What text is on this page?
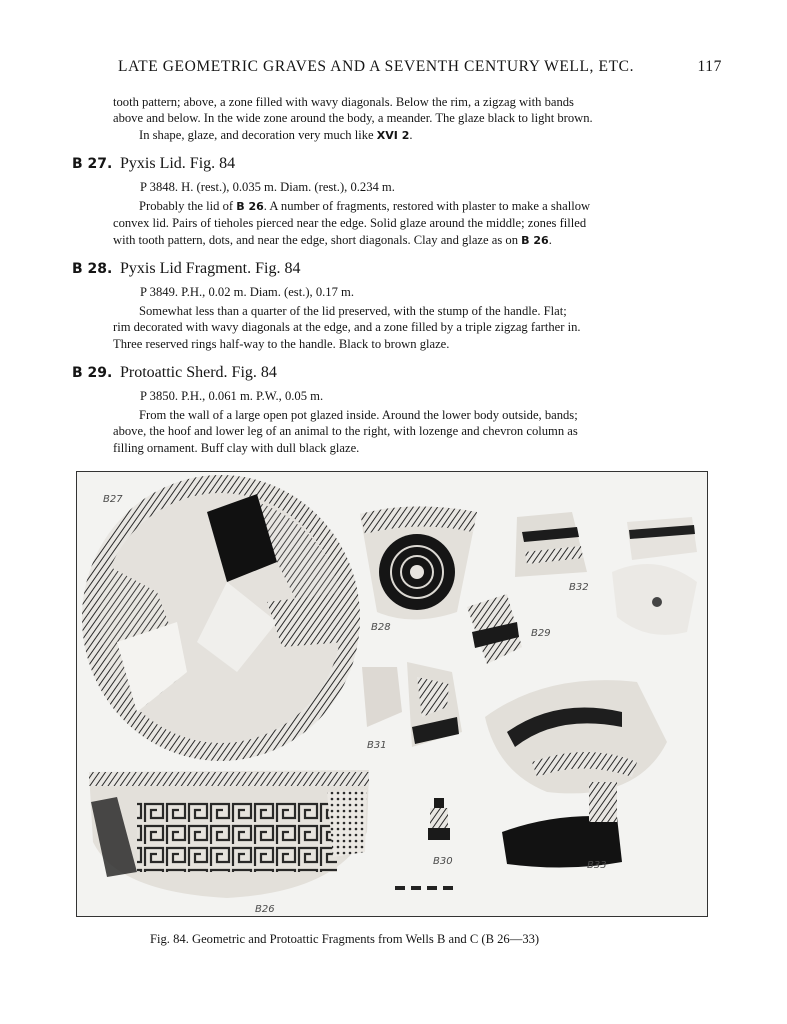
LATE GEOMETRIC GRAVES AND A SEVENTH CENTURY WELL, ETC.	117
tooth pattern; above, a zone filled with wavy diagonals. Below the rim, a zigzag with bands
above and below. In the wide zone around the body, a meander. The glaze black to light brown.
In shape, glaze, and decoration very much like XVI 2.
B 27. Pyxis Lid. Fig. 84
P 3848. H. (rest.), 0.035 m. Diam. (rest.), 0.234 m.
Probably the lid of B 26. A number of fragments, restored with plaster to make a shallow
convex lid. Pairs of tieholes pierced near the edge. Solid glaze around the middle; zones filled
with tooth pattern, dots, and near the edge, short diagonals. Clay and glaze as on B 26.
B 28. Pyxis Lid Fragment. Fig. 84
P 3849. P.H., 0.02 m. Diam. (est.), 0.17 m.
Somewhat less than a quarter of the lid preserved, with the stump of the handle. Flat;
rim decorated with wavy diagonals at the edge, and a zone filled by a triple zigzag farther in.
Three reserved rings half-way to the handle. Black to brown glaze.
B 29. Protoattic Sherd. Fig. 84
P 3850. P.H., 0.061 m. P.W., 0.05 m.
From the wall of a large open pot glazed inside. Around the lower body outside, bands;
above, the hoof and lower leg of an animal to the right, with lozenge and chevron column as
filling ornament. Buff clay with dull black glaze.
B27
B26
B28
B29
B30
B31
B32
B33
Fig. 84. Geometric and Protoattic Fragments from Wells B and C (B 26—33)
